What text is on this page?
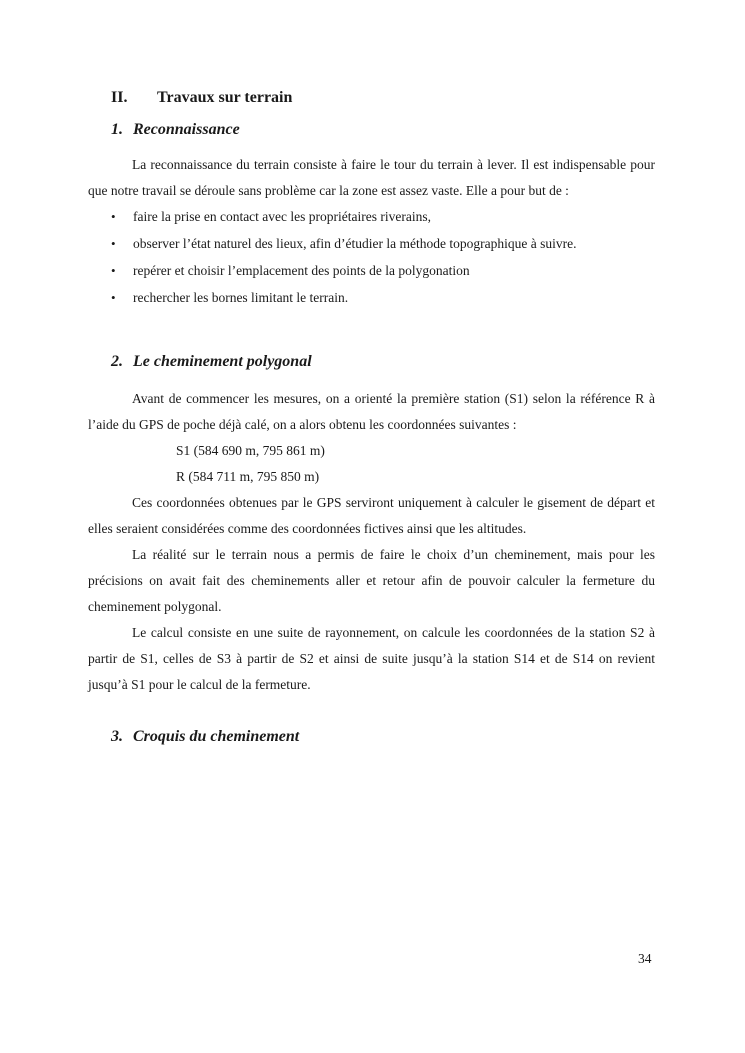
II. Travaux sur terrain
1. Reconnaissance

La reconnaissance du terrain consiste à faire le tour du terrain à lever. Il est indispensable pour que notre travail se déroule sans problème car la zone est assez vaste. Elle a pour but de :

• faire la prise en contact avec les propriétaires riverains,
• observer l’état naturel des lieux, afin d’étudier la méthode topographique à suivre.
• repérer et choisir l’emplacement des points de la polygonation
• rechercher les bornes limitant le terrain.
2. Le cheminement polygonal

Avant de commencer les mesures, on a orienté la première station (S1) selon la référence R à l’aide du GPS de poche déjà calé, on a alors obtenu les coordonnées suivantes :

S1 (584 690 m, 795 861 m)
R (584 711 m, 795 850 m)

Ces coordonnées obtenues par le GPS serviront uniquement à calculer le gisement de départ et elles seraient considérées comme des coordonnées fictives ainsi que les altitudes.

La réalité sur le terrain nous a permis de faire le choix d’un cheminement, mais pour les précisions on avait fait des cheminements aller et retour afin de pouvoir calculer la fermeture du cheminement polygonal.

Le calcul consiste en une suite de rayonnement, on calcule les coordonnées de la station S2 à partir de S1, celles de S3 à partir de S2 et ainsi de suite jusqu’à la station S14 et de S14 on revient jusqu’à S1 pour le calcul de la fermeture.

3. Croquis du cheminement
34
